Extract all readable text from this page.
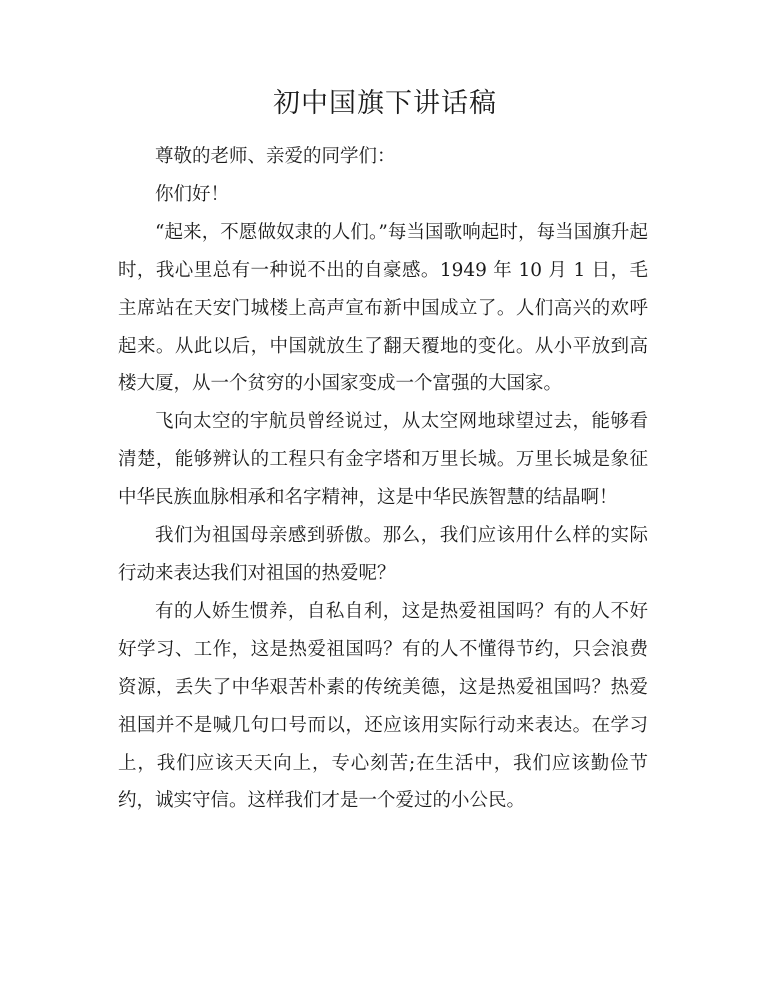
初中国旗下讲话稿

尊敬的老师、亲爱的同学们：

你们好！

“起来，不愿做奴隶的人们。”每当国歌响起时，每当国旗升起时，我心里总有一种说不出的自豪感。1949 年 10 月 1 日，毛主席站在天安门城楼上高声宣布新中国成立了。人们高兴的欢呼起来。从此以后，中国就放生了翻天覆地的变化。从小平放到高楼大厦，从一个贫穷的小国家变成一个富强的大国家。

飞向太空的宇航员曾经说过，从太空网地球望过去，能够看清楚，能够辨认的工程只有金字塔和万里长城。万里长城是象征中华民族血脉相承和名字精神，这是中华民族智慧的结晶啊！

我们为祖国母亲感到骄傲。那么，我们应该用什么样的实际行动来表达我们对祖国的热爱呢？

有的人娇生惯养，自私自利，这是热爱祖国吗？有的人不好好学习、工作，这是热爱祖国吗？有的人不懂得节约，只会浪费资源，丢失了中华艰苦朴素的传统美德，这是热爱祖国吗？热爱祖国并不是喊几句口号而以，还应该用实际行动来表达。在学习上，我们应该天天向上，专心刻苦;在生活中，我们应该勤俭节约，诚实守信。这样我们才是一个爱过的小公民。
